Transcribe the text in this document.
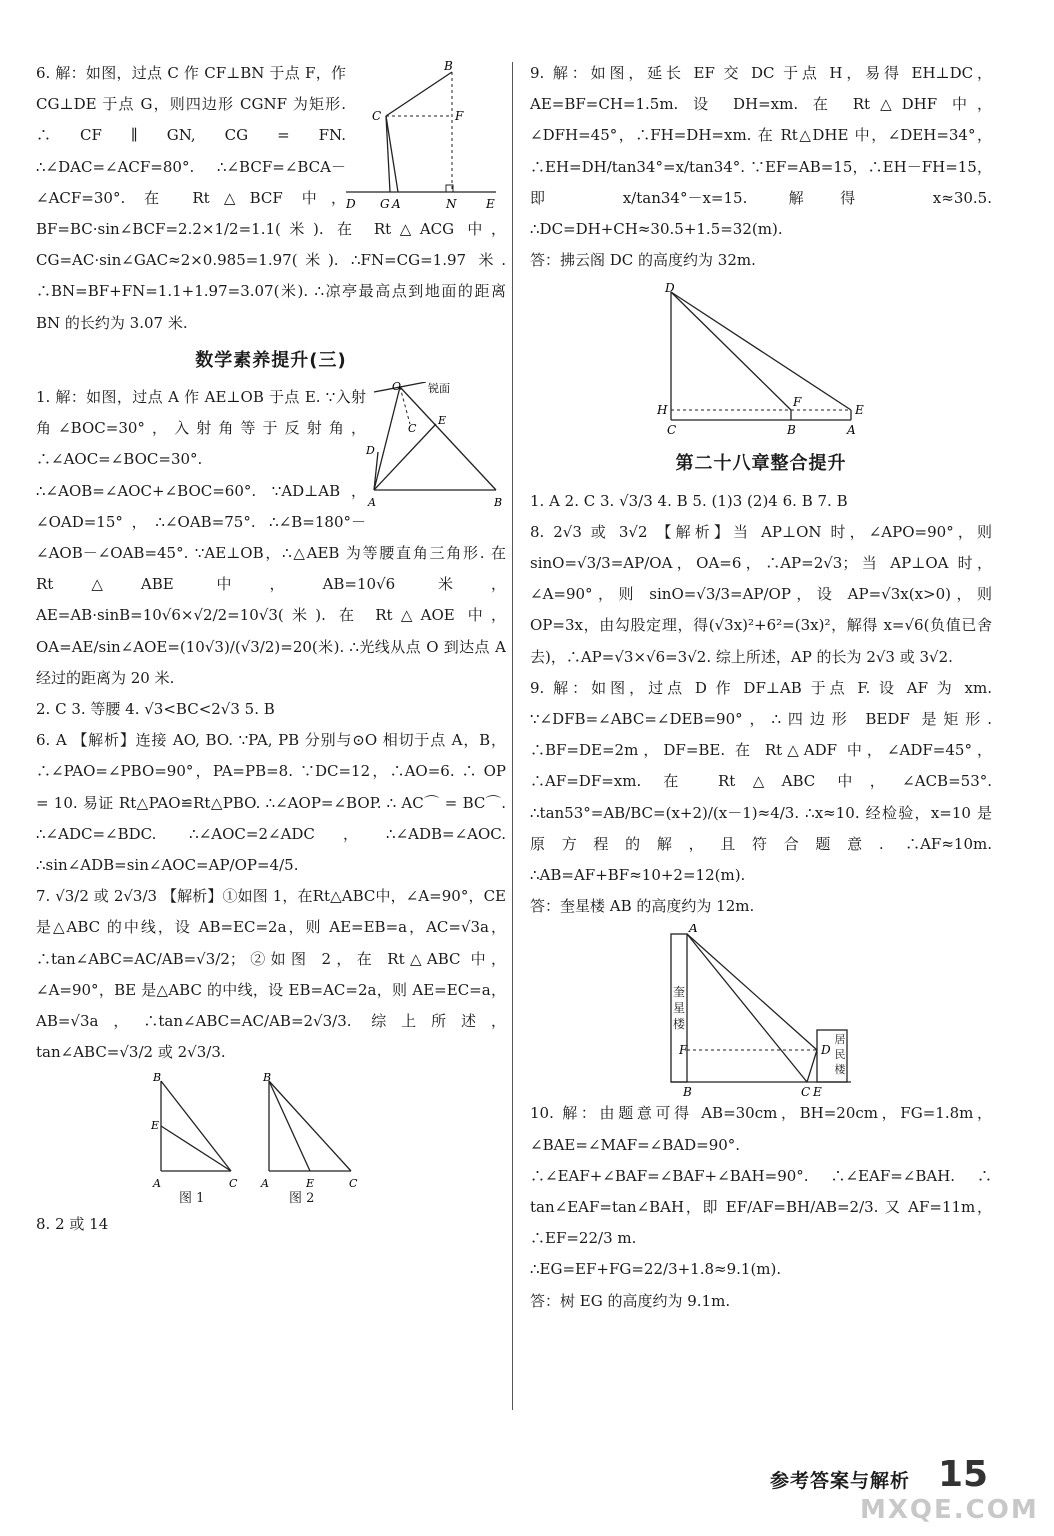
B
C	F
D G A	N E

6. 解：如图，过点 C 作 CF⊥BN 于点 F，作 CG⊥DE 于点 G，则四边形 CGNF 为矩形. ∴ CF ∥ GN, CG = FN. ∴∠DAC=∠ACF=80°. ∴∠BCF=∠BCA－∠ACF=30°. 在 Rt△BCF 中，BF=BC·sin∠BCF=2.2×1/2=1.1(米). 在 Rt△ACG 中，CG=AC·sin∠GAC≈2×0.985=1.97(米). ∴FN=CG=1.97 米. ∴BN=BF+FN=1.1+1.97=3.07(米). ∴凉亭最高点到地面的距离 BN 的长约为 3.07 米.

数学素养提升(三)
锐面
O
C
E
D
A	B

1. 解：如图，过点 A 作 AE⊥OB 于点 E. ∵入射角∠BOC=30°，入射角等于反射角，∴∠AOC=∠BOC=30°. ∴∠AOB=∠AOC+∠BOC=60°. ∵AD⊥AB，∠OAD=15°，∴∠OAB=75°. ∴∠B=180°－∠AOB－∠OAB=45°. ∵AE⊥OB，∴△AEB 为等腰直角三角形. 在 Rt△ABE 中，AB=10√6 米，AE=AB·sinB=10√6×√2/2=10√3(米). 在 Rt△AOE 中，OA=AE/sin∠AOE=(10√3)/(√3/2)=20(米). ∴光线从点 O 到达点 A 经过的距离为 20 米.

2. C 3. 等腰 4. √3<BC<2√3 5. B

6. A 【解析】连接 AO, BO. ∵PA, PB 分别与⊙O 相切于点 A，B，∴∠PAO=∠PBO=90°，PA=PB=8. ∵DC=12，∴AO=6. ∴ OP = 10. 易证 Rt△PAO≌Rt△PBO. ∴∠AOP=∠BOP. ∴ AC⌒ = BC⌒. ∴∠ADC=∠BDC. ∴∠AOC=2∠ADC，∴∠ADB=∠AOC. ∴sin∠ADB=sin∠AOC=AP/OP=4/5.

7. √3/2 或 2√3/3 【解析】①如图 1，在Rt△ABC中，∠A=90°，CE 是△ABC 的中线，设 AB=EC=2a，则 AE=EB=a，AC=√3a，∴tan∠ABC=AC/AB=√3/2；②如图 2，在 Rt△ABC 中，∠A=90°，BE 是△ABC 的中线，设 EB=AC=2a，则 AE=EC=a，AB=√3a，∴tan∠ABC=AC/AB=2√3/3. 综上所述，tan∠ABC=√3/2 或 2√3/3.

B
E
A	C
B
A	E	C
图 1	图 2

8. 2 或 14

9. 解：如图，延长 EF 交 DC 于点 H，易得 EH⊥DC，AE=BF=CH=1.5m. 设 DH=xm. 在 Rt△DHF 中，∠DFH=45°，∴FH=DH=xm. 在 Rt△DHE 中，∠DEH=34°，∴EH=DH/tan34°=x/tan34°. ∵EF=AB=15，∴EH－FH=15，即 x/tan34°－x=15. 解得 x≈30.5. ∴DC=DH+CH≈30.5+1.5=32(m).

答：拂云阁 DC 的高度约为 32m.

D
H
C	B	A
F
E
第二十八章整合提升

1. A 2. C 3. √3/3 4. B 5. (1)3 (2)4 6. B 7. B

8. 2√3 或 3√2 【解析】当 AP⊥ON 时，∠APO=90°，则 sinO=√3/3=AP/OA，OA=6，∴AP=2√3；当 AP⊥OA 时，∠A=90°，则 sinO=√3/3=AP/OP，设 AP=√3x(x>0)，则 OP=3x，由勾股定理，得(√3x)²+6²=(3x)²，解得 x=√6(负值已舍去)，∴AP=√3×√6=3√2. 综上所述，AP 的长为 2√3 或 3√2.

9. 解：如图，过点 D 作 DF⊥AB 于点 F. 设 AF 为 xm. ∵∠DFB=∠ABC=∠DEB=90°，∴四边形 BEDF 是矩形. ∴BF=DE=2m，DF=BE. 在 Rt△ADF 中，∠ADF=45°，∴AF=DF=xm. 在 Rt△ABC 中，∠ACB=53°. ∴tan53°=AB/BC=(x+2)/(x－1)≈4/3. ∴x≈10. 经检验，x=10 是原方程的解，且符合题意. ∴AF≈10m. ∴AB=AF+BF≈10+2=12(m).

答：奎星楼 AB 的高度约为 12m.

A
F
B	C E
D
奎星楼
居民楼

10. 解：由题意可得 AB=30cm，BH=20cm，FG=1.8m，∠BAE=∠MAF=∠BAD=90°. ∴∠EAF+∠BAF=∠BAF+∠BAH=90°. ∴∠EAF=∠BAH. ∴ tan∠EAF=tan∠BAH，即 EF/AF=BH/AB=2/3. 又 AF=11m，∴EF=22/3 m.

∴EG=EF+FG=22/3+1.8≈9.1(m).

答：树 EG 的高度约为 9.1m.

参考答案与解析 15
MXQE.COM
